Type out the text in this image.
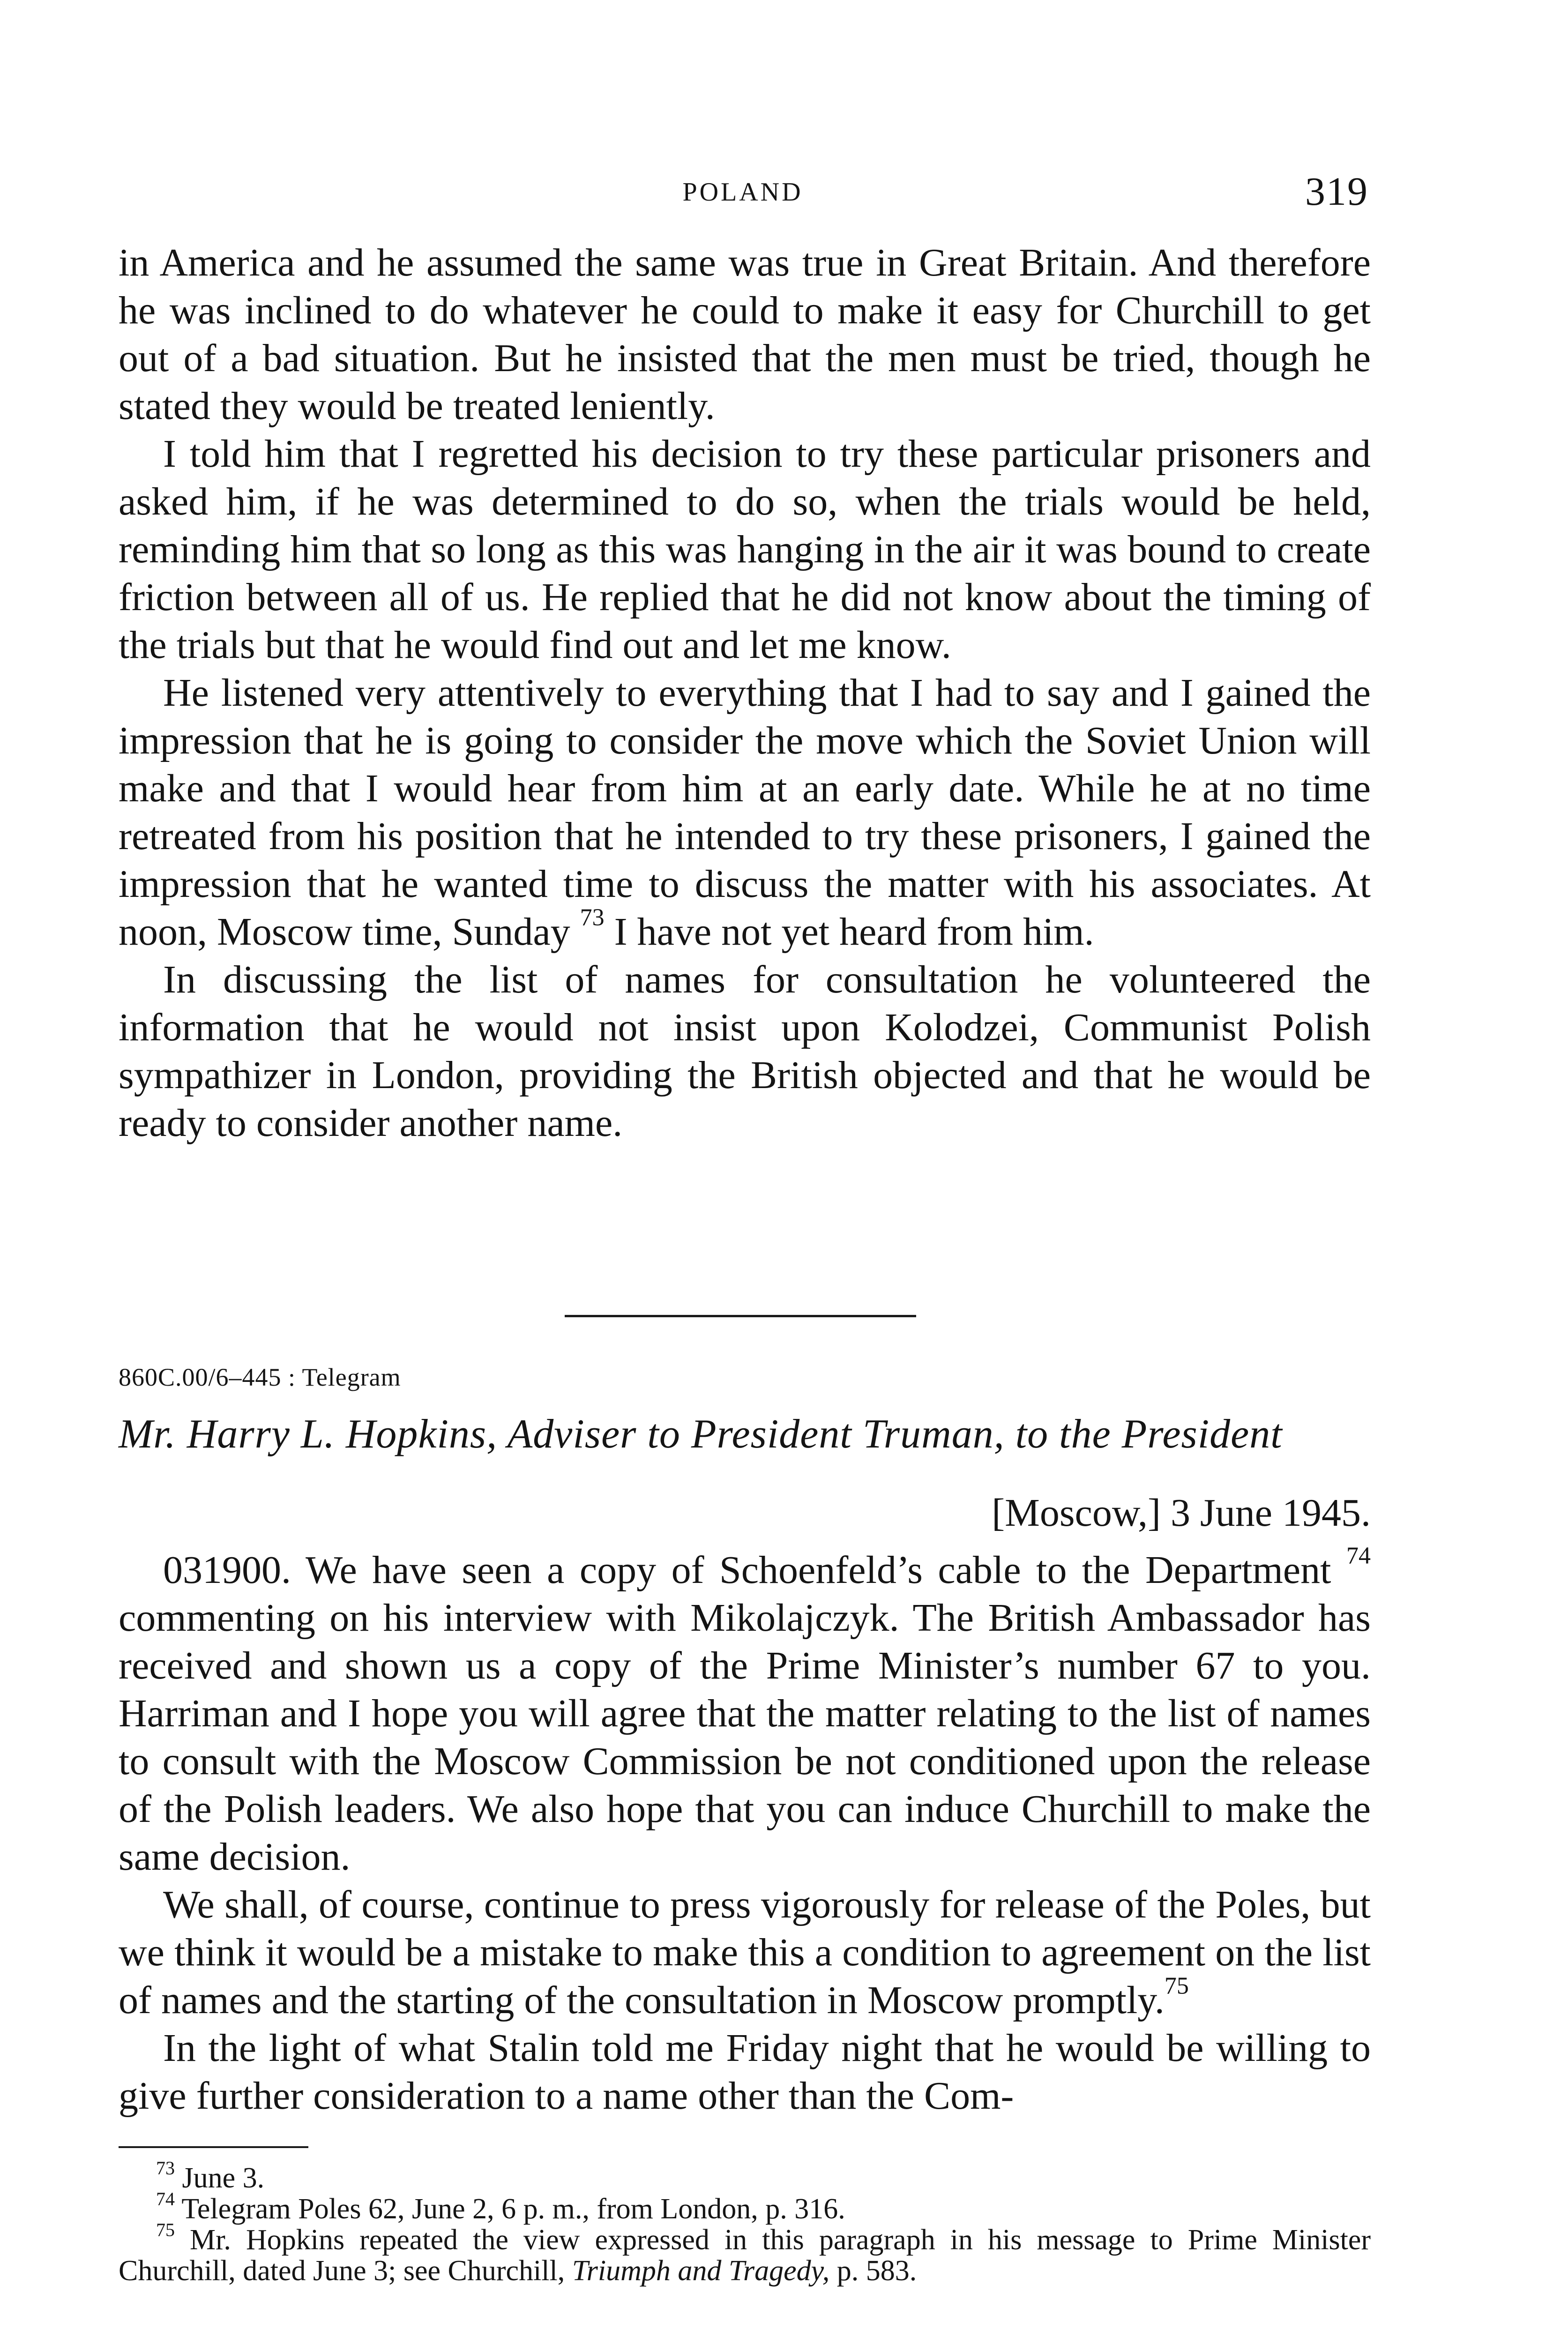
POLAND	319

in America and he assumed the same was true in Great Britain. And therefore he was inclined to do whatever he could to make it easy for Churchill to get out of a bad situation. But he insisted that the men must be tried, though he stated they would be treated leniently.

I told him that I regretted his decision to try these particular prisoners and asked him, if he was determined to do so, when the trials would be held, reminding him that so long as this was hanging in the air it was bound to create friction between all of us. He replied that he did not know about the timing of the trials but that he would find out and let me know.

He listened very attentively to everything that I had to say and I gained the impression that he is going to consider the move which the Soviet Union will make and that I would hear from him at an early date. While he at no time retreated from his position that he intended to try these prisoners, I gained the impression that he wanted time to discuss the matter with his associates. At noon, Moscow time, Sunday $^{73}$ I have not yet heard from him.

In discussing the list of names for consultation he volunteered the information that he would not insist upon Kolodzei, Communist Polish sympathizer in London, providing the British objected and that he would be ready to consider another name.

860C.00/6–445 : Telegram
Mr. Harry L. Hopkins, Adviser to President Truman, to the President
[Moscow,] 3 June 1945.

031900. We have seen a copy of Schoenfeld’s cable to the Department $^{74}$ commenting on his interview with Mikolajczyk. The British Ambassador has received and shown us a copy of the Prime Minister’s number 67 to you. Harriman and I hope you will agree that the matter relating to the list of names to consult with the Moscow Commission be not conditioned upon the release of the Polish leaders. We also hope that you can induce Churchill to make the same decision.

We shall, of course, continue to press vigorously for release of the Poles, but we think it would be a mistake to make this a condition to agreement on the list of names and the starting of the consultation in Moscow promptly.$^{75}$

In the light of what Stalin told me Friday night that he would be willing to give further consideration to a name other than the Com-

$^{73}$ June 3.

$^{74}$ Telegram Poles 62, June 2, 6 p. m., from London, p. 316.

$^{75}$ Mr. Hopkins repeated the view expressed in this paragraph in his message to Prime Minister Churchill, dated June 3; see Churchill, Triumph and Tragedy, p. 583.
